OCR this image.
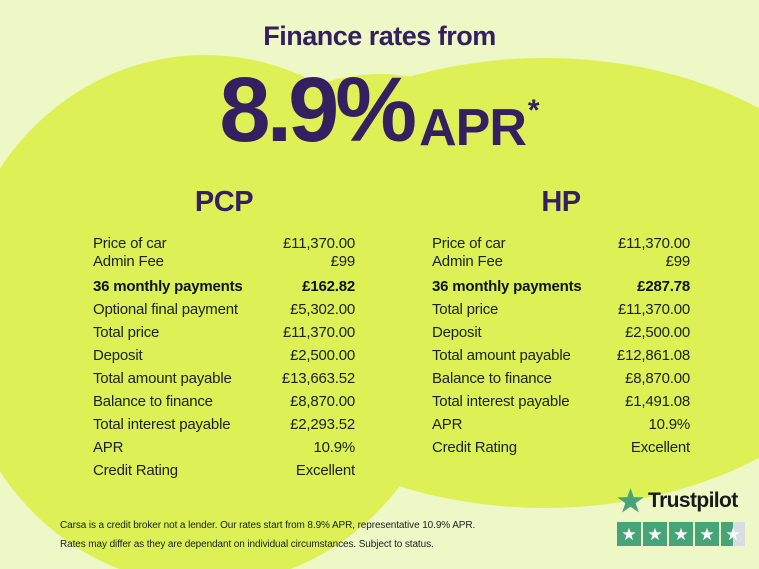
Finance rates from
8.9% APR *
PCP
Price of car	£11,370.00
Admin Fee	£99
36 monthly payments	£162.82
Optional final payment	£5,302.00
Total price	£11,370.00
Deposit	£2,500.00
Total amount payable	£13,663.52
Balance to finance	£8,870.00
Total interest payable	£2,293.52
APR	10.9%
Credit Rating	Excellent
HP
Price of car	£11,370.00
Admin Fee	£99
36 monthly payments	£287.78
Total price	£11,370.00
Deposit	£2,500.00
Total amount payable	£12,861.08
Balance to finance	£8,870.00
Total interest payable	£1,491.08
APR	10.9%
Credit Rating	Excellent
Carsa is a credit broker not a lender. Our rates start from 8.9% APR, representative 10.9% APR.
Rates may differ as they are dependant on individual circumstances. Subject to status.
Trustpilot
★ ★ ★ ★ ★
